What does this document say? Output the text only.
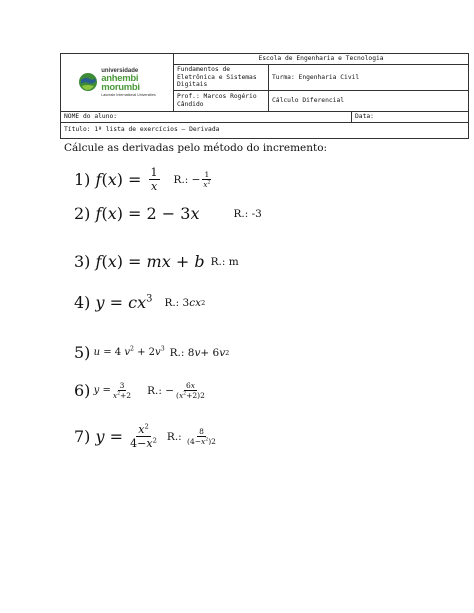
universidade
anhembi
morumbi
Laureate International Universities	Escola de Engenharia e Tecnologia		
	Fundamentos de Eletrônica e Sistemas Digitais	Turma: Engenharia Civil	
	Prof.: Marcos Rogério Cândido	Cálculo Diferencial	
NOME do aluno:			Data:
Título: 1ª lista de exercícios – Derivada			
Cálcule as derivadas pelo método do incremento:
1) $f(x) = \frac{1}{x} R$.: − $\frac{1}{x^2}$
2) f(x) = 2 − 3x	R.: -3
3) f(x) = mx + b R.: m
4) $y = cx^3$ R.: 3 cx 2
5) u = 4 $v^2 + 2v^3$ R.: 8 v + 6 v 2
6) $y = \frac{3}{x^2+2} R$.: − $\frac{6x}{(x^2+2)2}$
7) $y = \frac{x^2}{4-x^2} R$.:
$\frac{8}{(4-x^2)2}$
